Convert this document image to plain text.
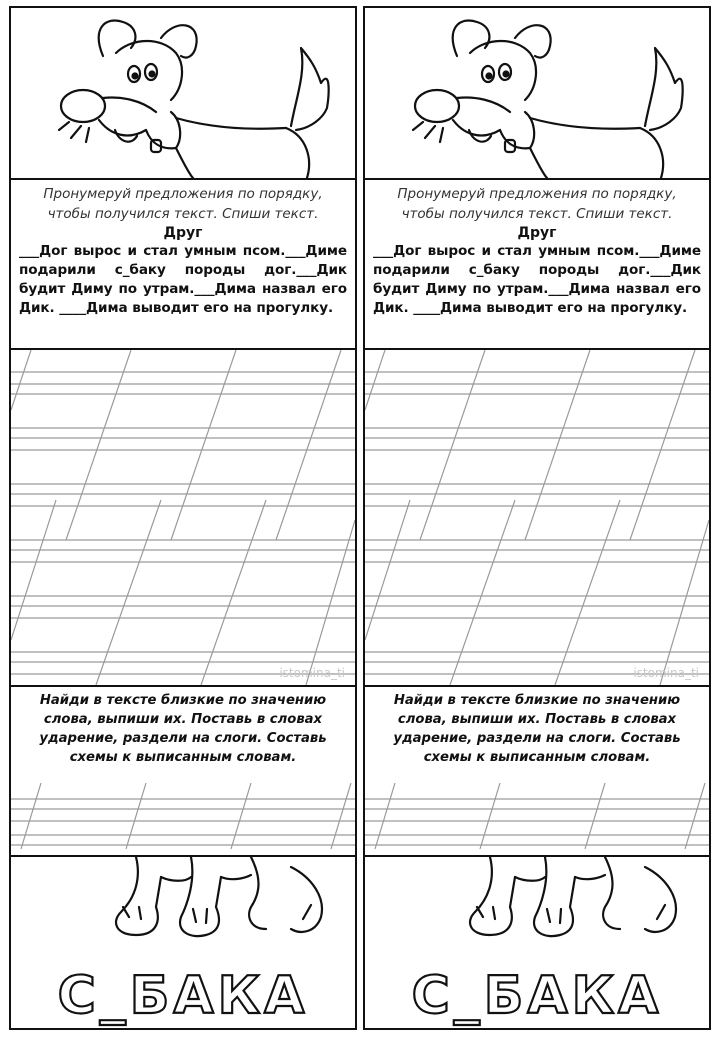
Пронумеруй предложения по порядку,
чтобы получился текст. Спиши текст.
Друг
___Дог вырос и стал умным псом.___Диме подарили с_баку породы дог.___Дик будит Диму по утрам.___Дима назвал его Дик. ____Дима выводит его на прогулку.
istomina_ti
Найди в тексте близкие по значению слова, выпиши их. Поставь в словах ударение, раздели на слоги. Составь схемы к выписанным словам.
С_БАКА
Пронумеруй предложения по порядку,
чтобы получился текст. Спиши текст.
Друг
___Дог вырос и стал умным псом.___Диме подарили с_баку породы дог.___Дик будит Диму по утрам.___Дима назвал его Дик. ____Дима выводит его на прогулку.
istomina_ti
Найди в тексте близкие по значению слова, выпиши их. Поставь в словах ударение, раздели на слоги. Составь схемы к выписанным словам.
С_БАКА
